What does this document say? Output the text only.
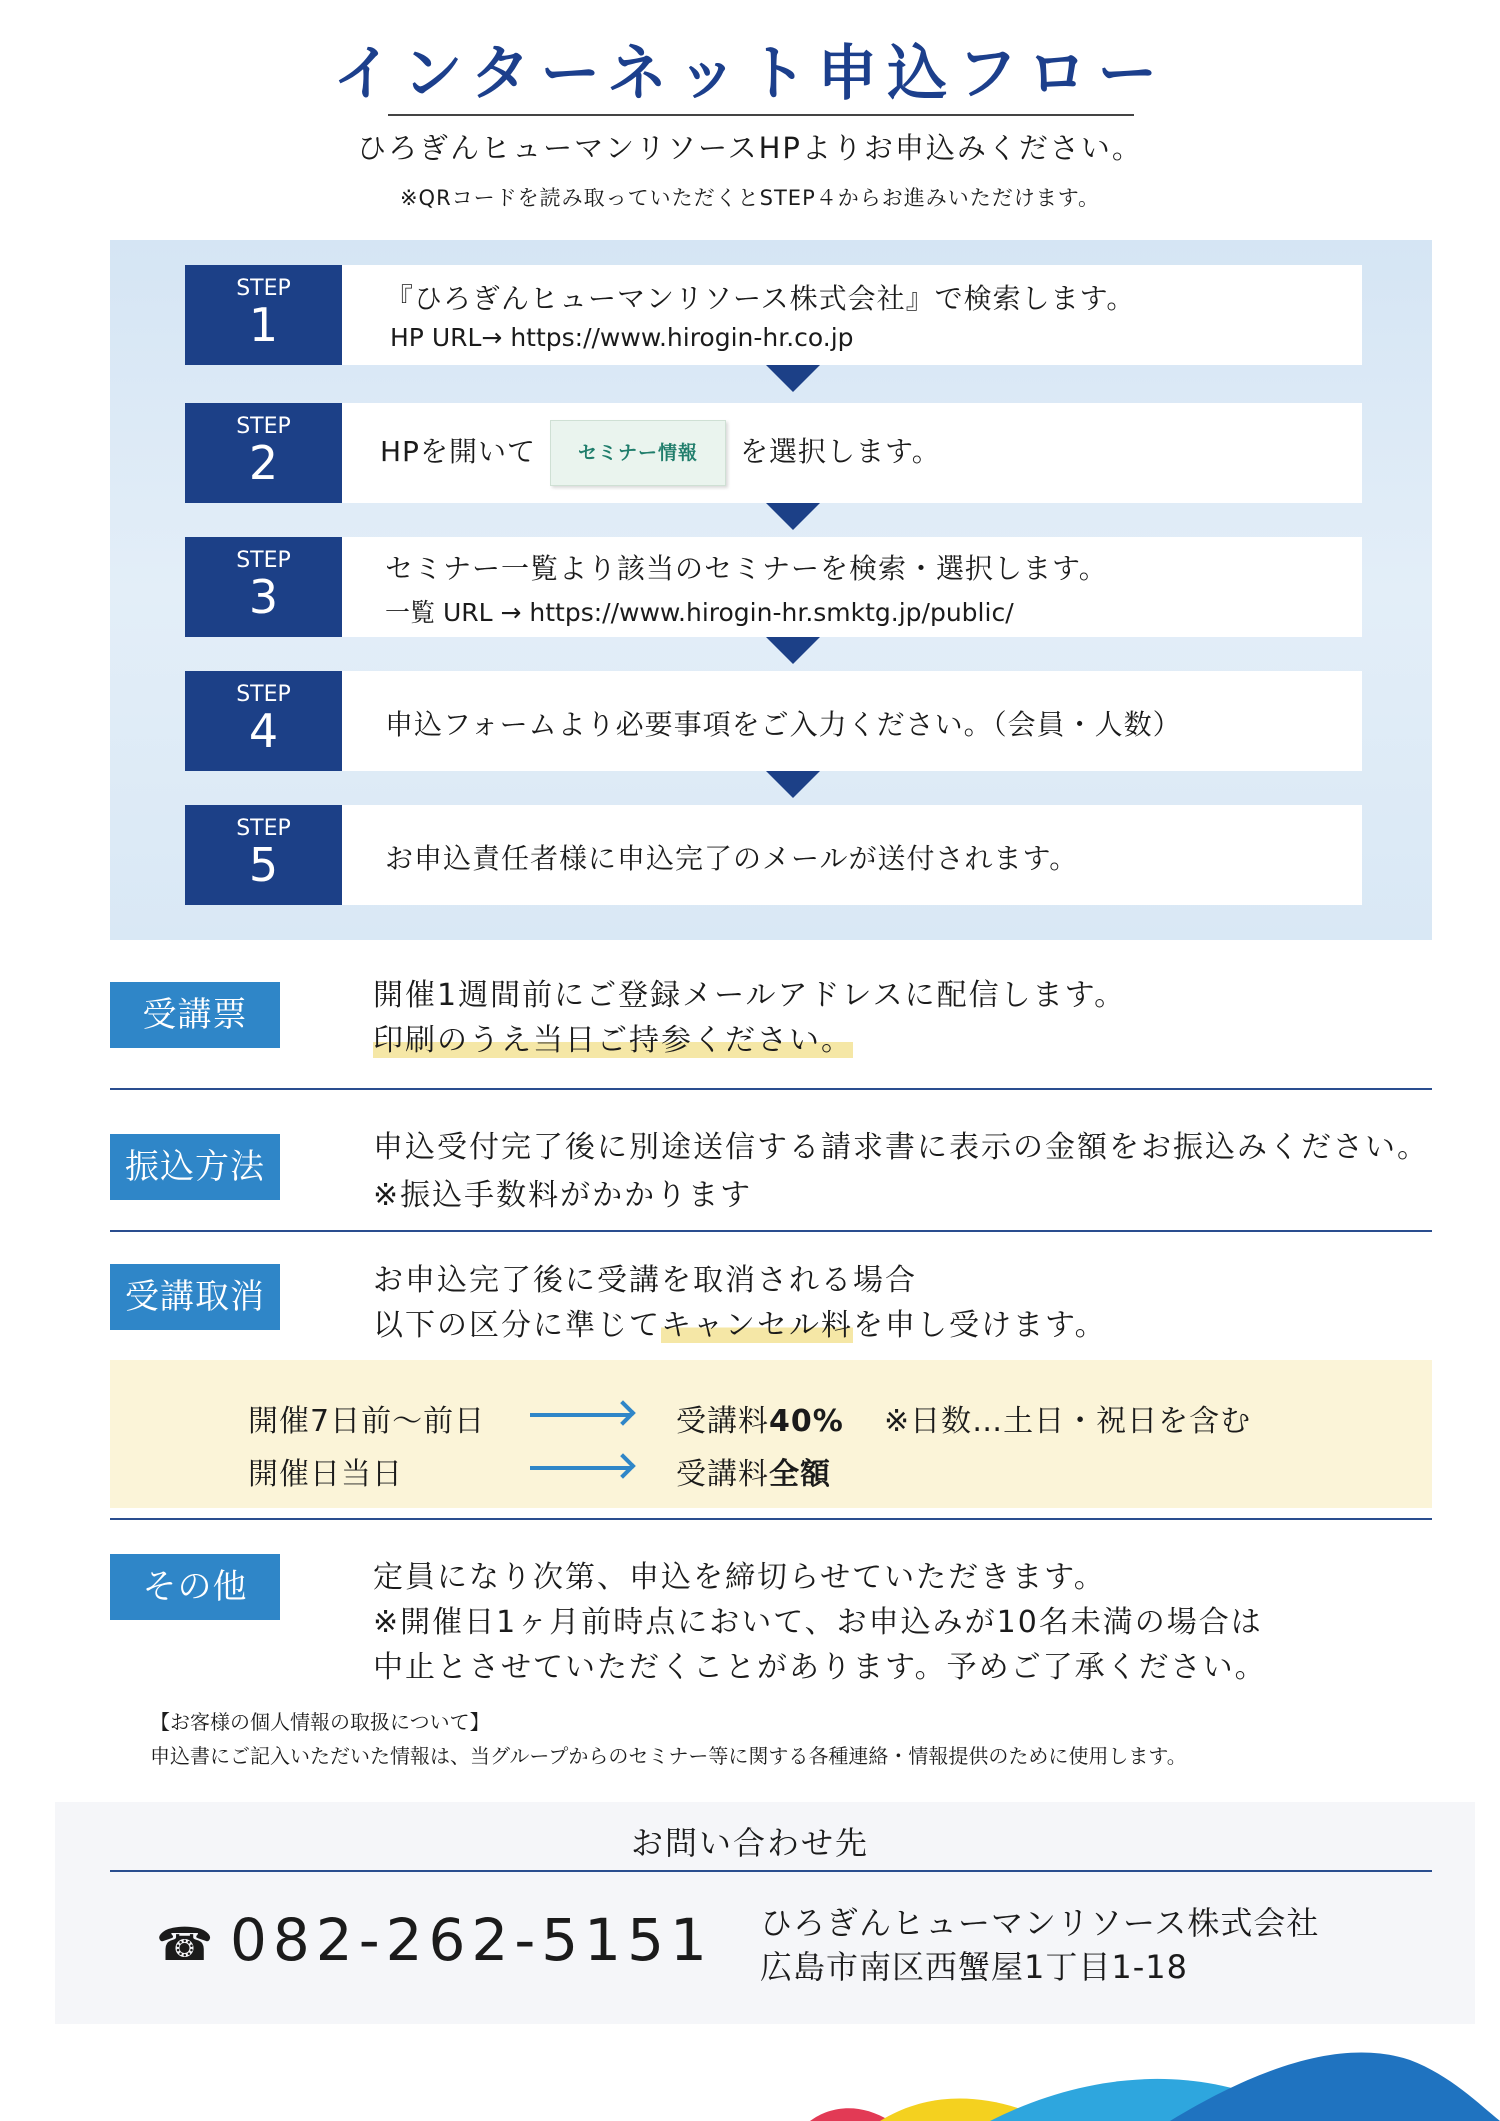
インターネット申込フロー
ひろぎんヒューマンリソースHPよりお申込みください。
※QRコードを読み取っていただくとSTEP４からお進みいただけます。
STEP
1	『ひろぎんヒューマンリソース株式会社』で検索します。
HP URL→ https://www.hirogin-hr.co.jp
STEP
2	HPを開いて セミナー情報 を選択します。
STEP
3
セミナー一覧より該当のセミナーを検索・選択します。
一覧 URL → https://www.hirogin-hr.smktg.jp/public/
STEP
4	申込フォームより必要事項をご入力ください。（会員・人数）
STEP
5	お申込責任者様に申込完了のメールが送付されます。
受講票	開催1週間前にご登録メールアドレスに配信します。
印刷のうえ当日ご持参ください。
振込方法	申込受付完了後に別途送信する請求書に表示の金額をお振込みください。
※振込手数料がかかります
受講取消	お申込完了後に受講を取消される場合
以下の区分に準じてキャンセル料を申し受けます。
開催7日前～前日	受講料40% ※日数…土日・祝日を含む
開催日当日	受講料全額
その他	定員になり次第、申込を締切らせていただきます。
※開催日1ヶ月前時点において、お申込みが10名未満の場合は
中止とさせていただくことがあります。予めご了承ください。
【お客様の個人情報の取扱について】
申込書にご記入いただいた情報は、当グループからのセミナー等に関する各種連絡・情報提供のために使用します。
お問い合わせ先
☎ 082-262-5151 ひろぎんヒューマンリソース株式会社
広島市南区西蟹屋1丁目1-18
